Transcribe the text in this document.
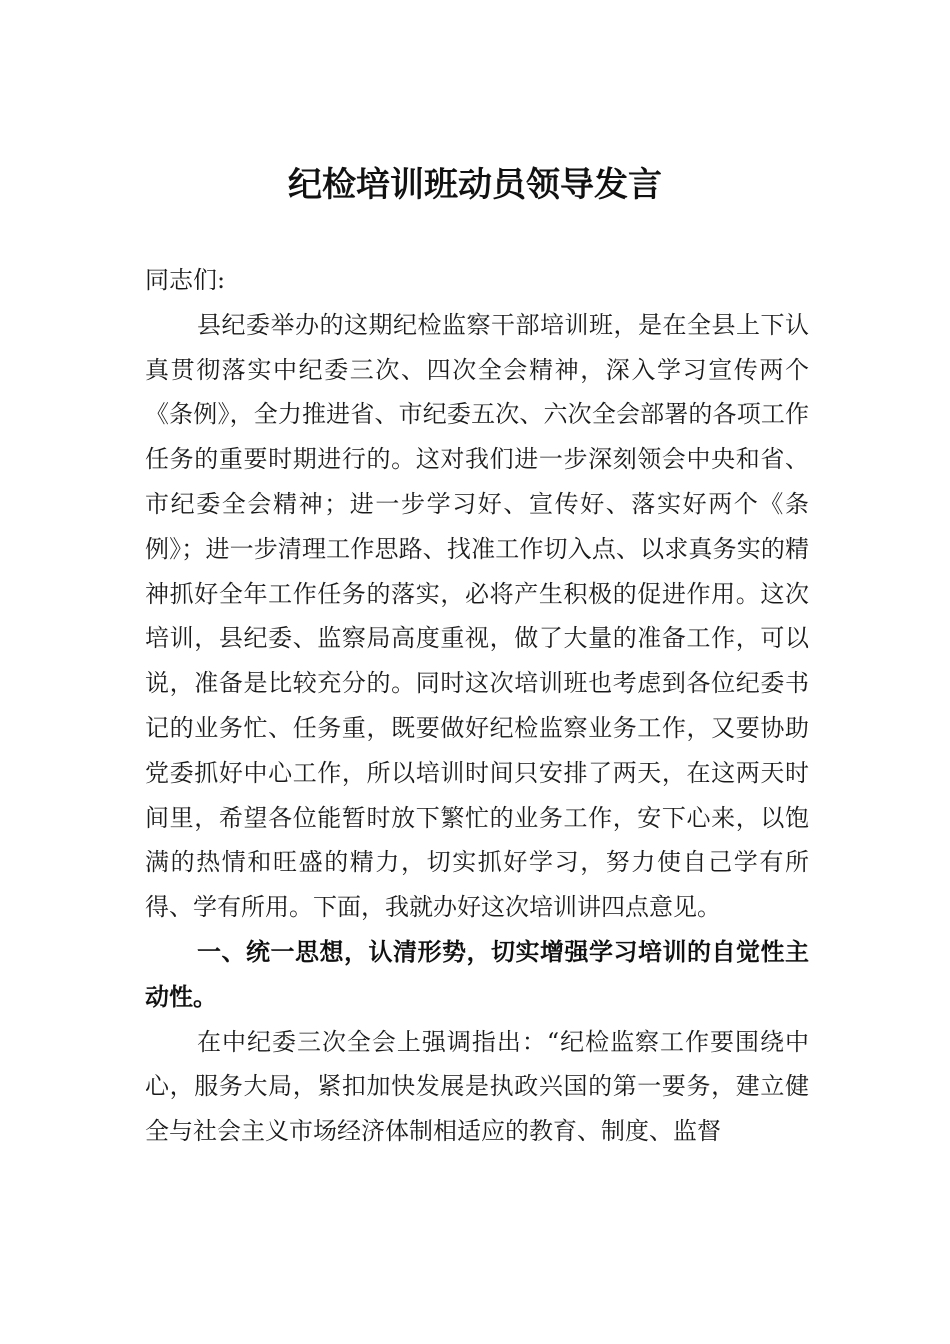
纪检培训班动员领导发言

同志们:

县纪委举办的这期纪检监察干部培训班，是在全县上下认真贯彻落实中纪委三次、四次全会精神，深入学习宣传两个《条例》，全力推进省、市纪委五次、六次全会部署的各项工作任务的重要时期进行的。这对我们进一步深刻领会中央和省、市纪委全会精神；进一步学习好、宣传好、落实好两个《条例》；进一步清理工作思路、找准工作切入点、以求真务实的精神抓好全年工作任务的落实，必将产生积极的促进作用。这次培训，县纪委、监察局高度重视，做了大量的准备工作，可以说，准备是比较充分的。同时这次培训班也考虑到各位纪委书记的业务忙、任务重，既要做好纪检监察业务工作，又要协助党委抓好中心工作，所以培训时间只安排了两天，在这两天时间里，希望各位能暂时放下繁忙的业务工作，安下心来，以饱满的热情和旺盛的精力，切实抓好学习，努力使自己学有所得、学有所用。下面，我就办好这次培训讲四点意见。

一、统一思想，认清形势，切实增强学习培训的自觉性主动性。

在中纪委三次全会上强调指出：“纪检监察工作要围绕中心，服务大局，紧扣加快发展是执政兴国的第一要务，建立健全与社会主义市场经济体制相适应的教育、制度、监督
